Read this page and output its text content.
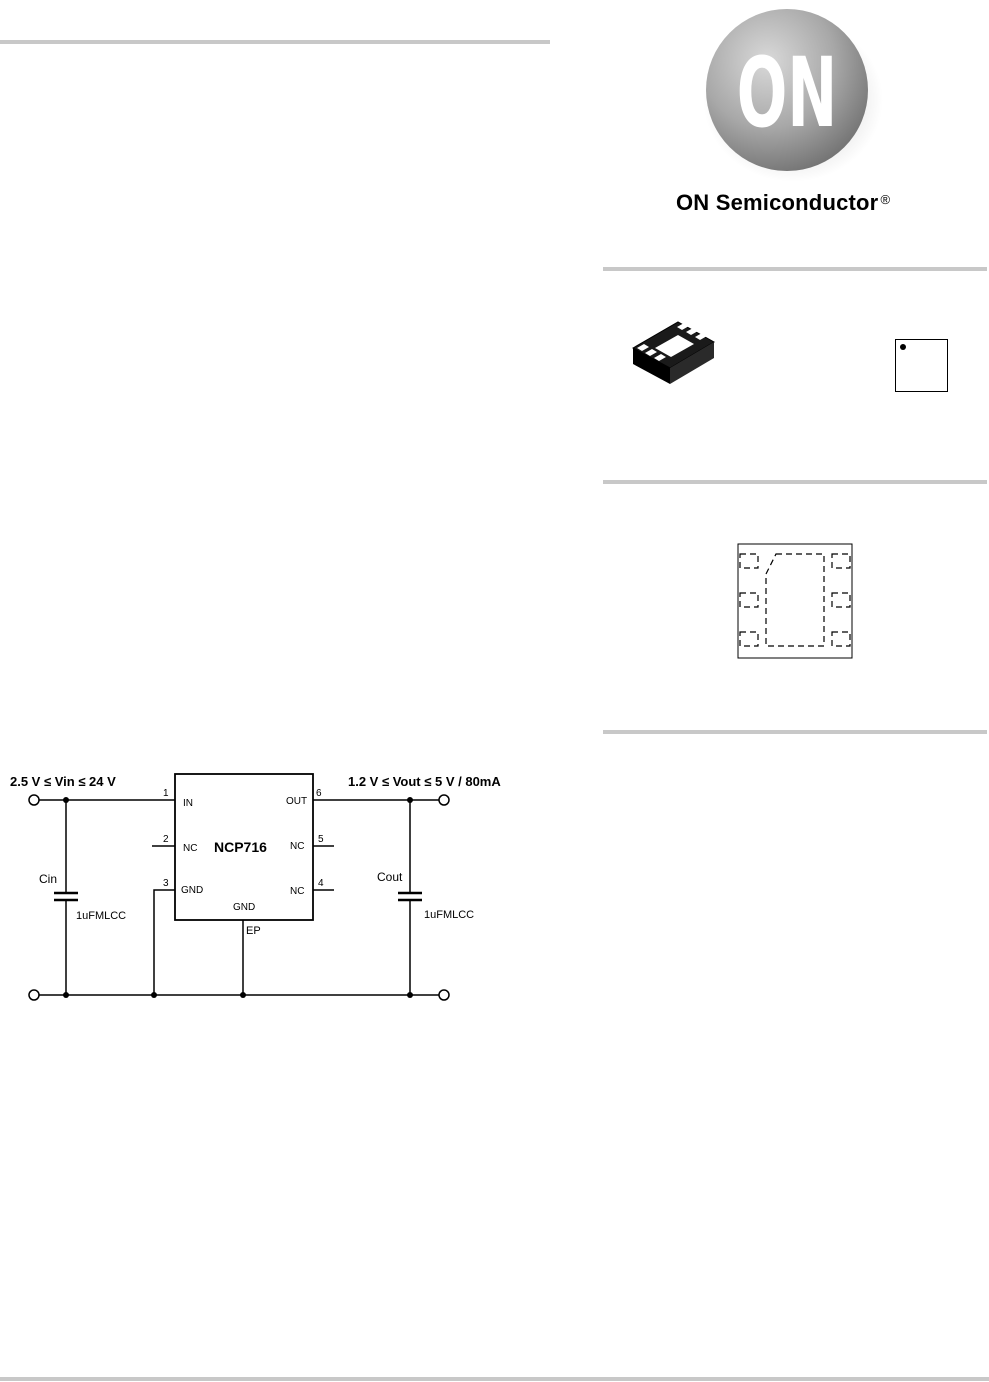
ON
ON Semiconductor ®
2.5 V ≤ Vin ≤ 24 V	1.2 V ≤ Vout ≤ 5 V / 80mA
NCP716
1
IN
2
NC
3
GND
6
OUT
5
NC
4
NC
GND
EP
Cin
1uFMLCC
Cout
1uFMLCC
